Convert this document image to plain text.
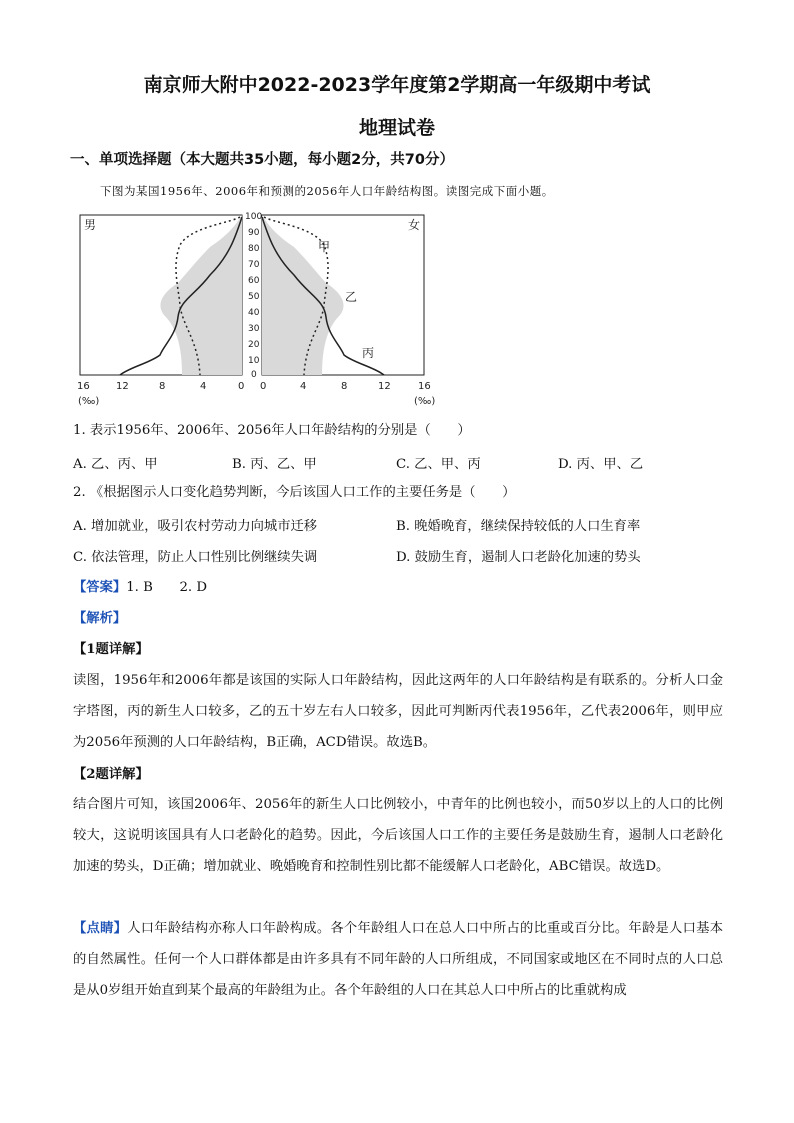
南京师大附中2022-2023学年度第2学期高一年级期中考试
地理试卷
一、单项选择题（本大题共35小题，每小题2分，共70分）
下图为某国1956年、2006年和预测的2056年人口年龄结构图。读图完成下面小题。
100
90
80
70
60
50
40
30
20
10
0
16	12	8	4	0 0	4	8	12	16
(‰)	(‰)
男	女
甲
乙
丙
1. 表示1956年、2006年、2056年人口年龄结构的分别是（　　）
A. 乙、丙、甲	B. 丙、乙、甲	C. 乙、甲、丙	D. 丙、甲、乙
2. 《根据图示人口变化趋势判断，今后该国人口工作的主要任务是（　　）
A. 增加就业，吸引农村劳动力向城市迁移	B. 晚婚晚育，继续保持较低的人口生育率
C. 依法管理，防止人口性别比例继续失调	D. 鼓励生育，遏制人口老龄化加速的势头
【答案】1. B　　2. D
【解析】
【1题详解】
读图，1956年和2006年都是该国的实际人口年龄结构，因此这两年的人口年龄结构是有联系的。分析人口金字塔图，丙的新生人口较多，乙的五十岁左右人口较多，因此可判断丙代表1956年，乙代表2006年，则甲应为2056年预测的人口年龄结构，B正确，ACD错误。故选B。
【2题详解】
结合图片可知，该国2006年、2056年的新生人口比例较小，中青年的比例也较小，而50岁以上的人口的比例较大，这说明该国具有人口老龄化的趋势。因此，今后该国人口工作的主要任务是鼓励生育，遏制人口老龄化加速的势头，D正确；增加就业、晚婚晚育和控制性别比都不能缓解人口老龄化，ABC错误。故选D。
【点睛】人口年龄结构亦称人口年龄构成。各个年龄组人口在总人口中所占的比重或百分比。年龄是人口基本的自然属性。任何一个人口群体都是由许多具有不同年龄的人口所组成，不同国家或地区在不同时点的人口总是从0岁组开始直到某个最高的年龄组为止。各个年龄组的人口在其总人口中所占的比重就构成
